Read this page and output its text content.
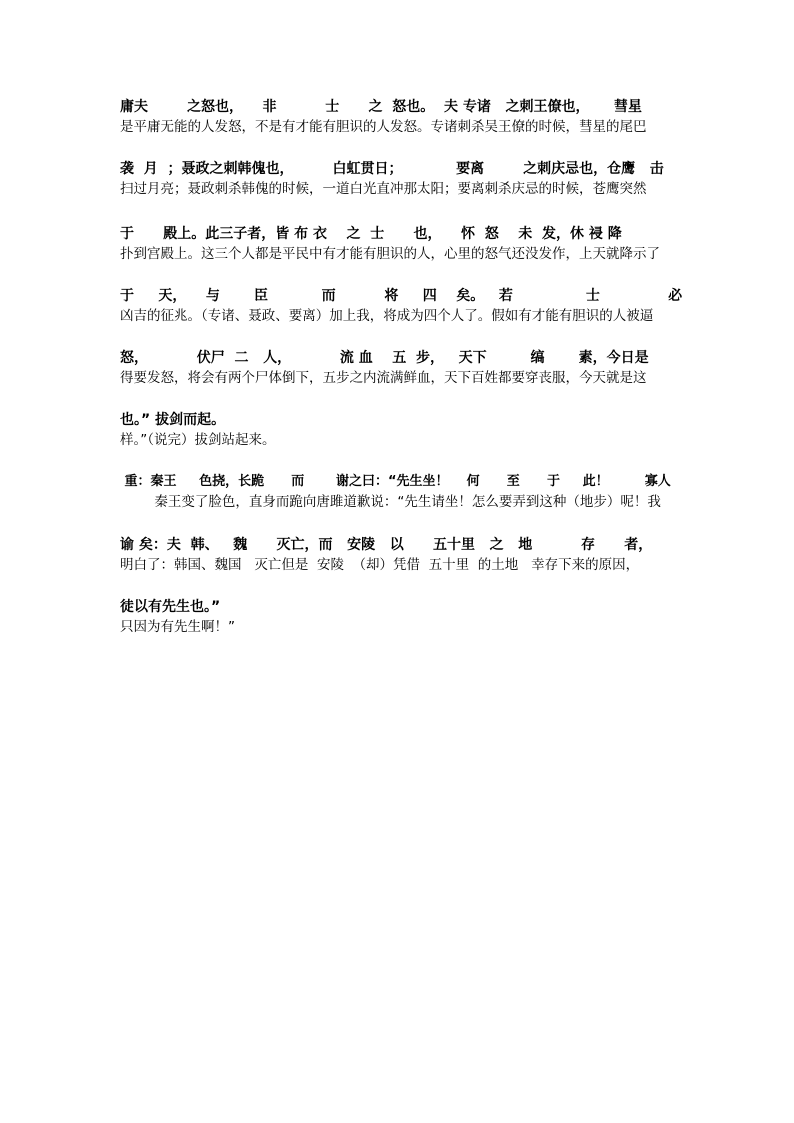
庸夫        之怒也，    非          士      之  怒也。  夫 专诸   之刺王僚也，     彗星
是平庸无能的人发怒，不是有才能有胆识的人发怒。专诸刺杀吴王僚的时候，彗星的尾巴
袭  月  ；聂政之刺韩傀也，        白虹贯日；           要离        之刺庆忌也，仓鹰   击
扫过月亮；聂政刺杀韩傀的时候，一道白光直冲那太阳；要离刺杀庆忌的时候，苍鹰突然
于      殿上。此三子者，皆 布 衣    之  士      也，    怀  怒    未  发，休 祲 降
扑到宫殿上。这三个人都是平民中有才能有胆识的人，心里的怒气还没发作，上天就降示了
于     天，    与       臣           而          将     四    矣。   若               士              必
凶吉的征兆。（专诸、聂政、要离）加上我，将成为四个人了。假如有才能有胆识的人被逼
怒，          伏尸  二   人，          流 血    五  步，   天下         缟       素，今日是
得要发怒，将会有两个尸体倒下，五步之内流满鲜血，天下百姓都要穿丧服，今天就是这
也。” 拔剑而起。
样。”（说完）拔剑站起来。
重：秦王     色挠，长跪      而       谢之曰：“先生坐！    何      至      于     此！        寡人
秦王变了脸色，直身而跪向唐雎道歉说：“先生请坐！怎么要弄到这种（地步）呢！我
谕 矣：夫  韩、   魏      灭亡，而   安陵   以      五十里   之   地          存      者，
明白了：韩国、魏国   灭亡但是  安陵  （却）凭借  五十里  的土地   幸存下来的原因，
徒以有先生也。”
只因为有先生啊！”
